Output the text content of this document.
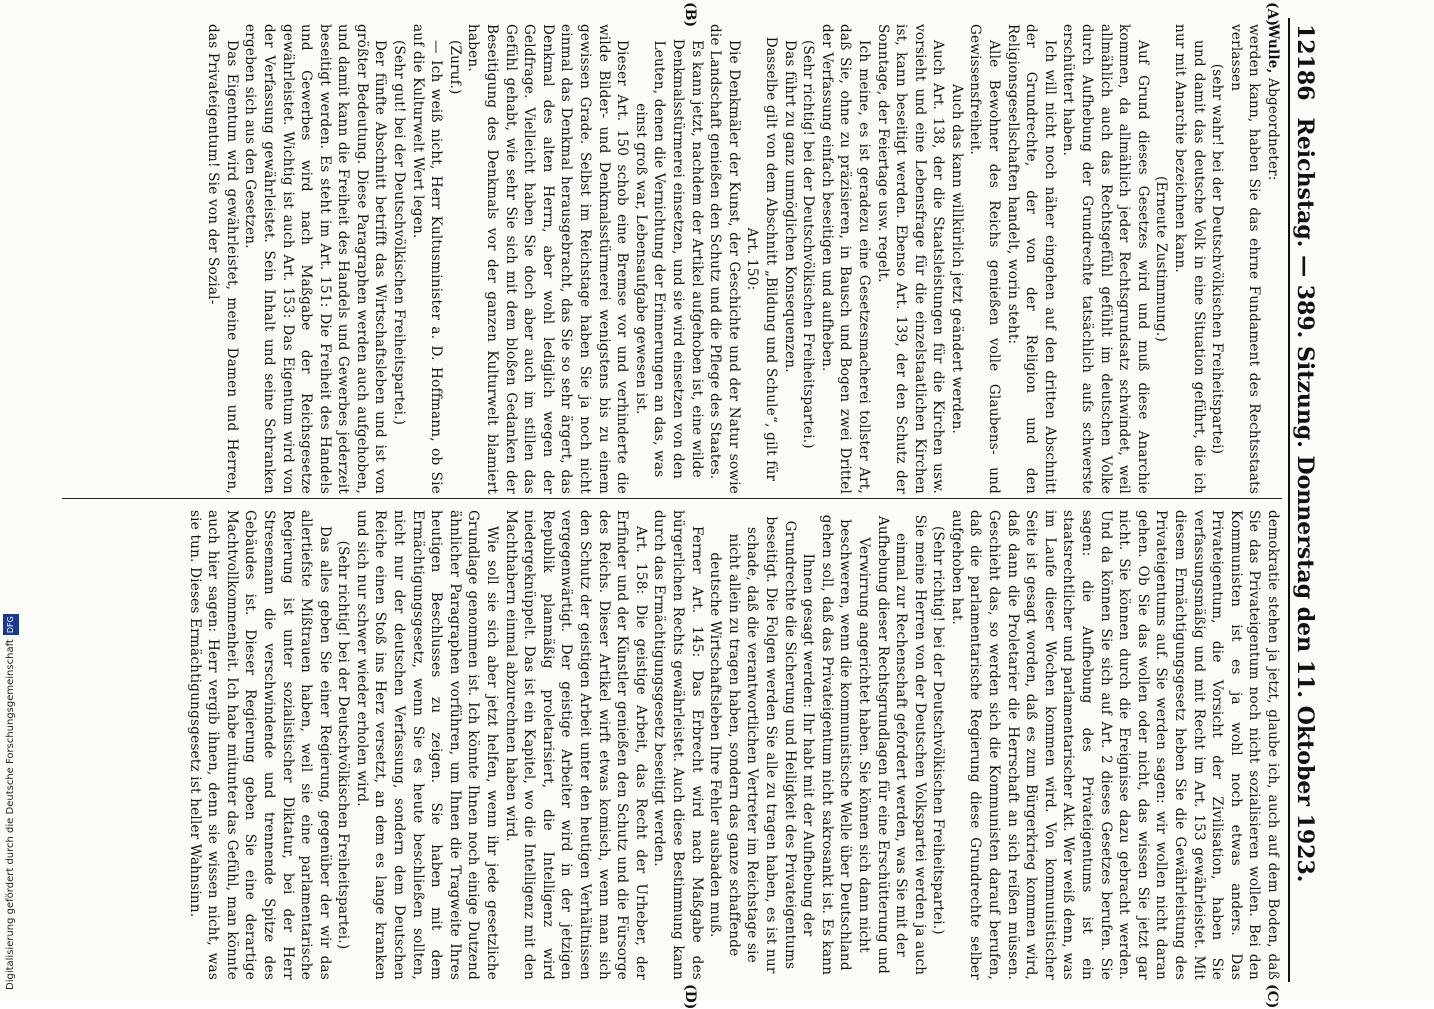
12186
Reichstag. — 389. Sitzung. Donnerstag den 11. Oktober 1923.
(A)
(B)
(C)
(D)

Wulle, Abgeordneter:

werden kann, haben Sie das ehrne Fundament des Rechtsstaats verlassen

(sehr wahr! bei der Deutschvölkischen Freiheitspartei)

und damit das deutsche Volk in eine Situation geführt, die ich nur mit Anarchie bezeichnen kann.

(Erneute Zustimmung.)

Auf Grund dieses Gesetzes wird und muß diese Anarchie kommen, da allmählich jeder Rechtsgrundsatz schwindet, weil allmählich auch das Rechtsgefühl gefühlt im deutschen Volke durch Aufhebung der Grundrechte tatsächlich aufs schwerste erschüttert haben.

Ich will nicht noch näher eingehen auf den dritten Abschnitt der Grundrechte, der von der Religion und den Religionsgesellschaften handelt, worin steht:

Alle Bewohner des Reichs genießen volle Glaubens- und Gewissensfreiheit.

Auch das kann willkürlich jetzt geändert werden.

Auch Art. 138, der die Staatsleistungen für die Kirchen usw. vorsieht und eine Lebensfrage für die einzelstaatlichen Kirchen ist, kann beseitigt werden. Ebenso Art. 139, der den Schutz der Sonntage, der Feiertage usw. regelt.

Ich meine, es ist geradezu eine Gesetzesmacherei tollster Art, daß Sie, ohne zu präzisieren, in Bausch und Bogen zwei Drittel der Verfassung einfach beseitigen und aufheben.

(Sehr richtig! bei der Deutschvölkischen Freiheitspartei.)

Das führt zu ganz unmöglichen Konsequenzen.

Dasselbe gilt von dem Abschnitt „Bildung und Schule“, gilt für Art. 150:

Die Denkmäler der Kunst, der Geschichte und der Natur sowie die Landschaft genießen den Schutz und die Pflege des Staates.

Es kann jetzt, nachdem der Artikel aufgehoben ist, eine wilde Denkmalsstürmerei einsetzen, und sie wird einsetzen von den Leuten, denen die Vernichtung der Erinnerungen an das, was einst groß war, Lebensaufgabe gewesen ist.

Dieser Art. 150 schob eine Bremse vor und verhinderte die wilde Bilder- und Denkmalsstürmerei wenigstens bis zu einem gewissen Grade. Selbst im Reichstage haben Sie ja noch nicht einmal das Denkmal herausgebracht, das Sie so sehr ärgert, das Denkmal des alten Herrn, aber wohl lediglich wegen der Geldfrage. Vielleicht haben Sie doch aber auch im stillen das Gefühl gehabt, wie sehr Sie sich mit dem bloßen Gedanken der Beseitigung des Denkmals vor der ganzen Kulturwelt blamiert haben.

(Zuruf.)

— Ich weiß nicht, Herr Kultusminister a. D. Hoffmann, ob Sie auf die Kulturwelt Wert legen.

(Sehr gut! bei der Deutschvölkischen Freiheitspartei.)

Der fünfte Abschnitt betrifft das Wirtschaftsleben und ist von größter Bedeutung. Diese Paragraphen werden auch aufgehoben, und damit kann die Freiheit des Handels und Gewerbes jederzeit beseitigt werden. Es steht im Art. 151: Die Freiheit des Handels und Gewerbes wird nach Maßgabe der Reichsgesetze gewährleistet. Wichtig ist auch Art. 153: Das Eigentum wird von der Verfassung gewährleistet. Sein Inhalt und seine Schranken ergeben sich aus den Gesetzen.

Das Eigentum wird gewährleistet, meine Damen und Herren, das Privateigentum! Sie von der Sozial-

demokratie stehen ja jetzt, glaube ich, auch auf dem Boden, daß Sie das Privateigentum noch nicht sozialisieren wollen. Bei den Kommunisten ist es ja wohl noch etwas anders. Das Privateigentum, die Vorsicht der Zivilisation, haben Sie verfassungsmäßig und mit Recht im Art. 153 gewährleistet. Mit diesem Ermächtigungsgesetz heben Sie die Gewährleistung des Privateigentums auf. Sie werden sagen: wir wollen nicht daran gehen. Ob Sie das wollen oder nicht, das wissen Sie jetzt gar nicht. Sie können durch die Ereignisse dazu gebracht werden. Und da können Sie sich auf Art. 2 dieses Gesetzes berufen. Sie sagen: die Aufhebung des Privateigentums ist ein staatsrechtlicher und parlamentarischer Akt. Wer weiß denn, was im Laufe dieser Wochen kommen wird. Von kommunistischer Seite ist gesagt worden, daß es zum Bürgerkrieg kommen wird, daß dann die Proletarier die Herrschaft an sich reißen müssen. Geschieht das, so werden sich die Kommunisten darauf berufen, daß die parlamentarische Regierung diese Grundrechte selber aufgehoben hat.

(Sehr richtig! bei der Deutschvölkischen Freiheitspartei.)

Sie meine Herren von der Deutschen Volkspartei werden ja auch einmal zur Rechenschaft gefordert werden, was Sie mit der Aufhebung dieser Rechtsgrundlagen für eine Erschütterung und Verwirrung angerichtet haben. Sie können sich dann nicht beschweren, wenn die kommunistische Welle über Deutschland gehen soll, daß das Privateigentum nicht sakrosankt ist. Es kann Ihnen gesagt werden: Ihr habt mit der Aufhebung der Grundrechte die Sicherung und Heiligkeit des Privateigentums beseitigt. Die Folgen werden Sie alle zu tragen haben, es ist nur schade, daß die verantwortlichen Vertreter im Reichstage sie nicht allein zu tragen haben, sondern das ganze schaffende deutsche Wirtschaftsleben Ihre Fehler ausbaden muß.

Ferner Art. 145: Das Erbrecht wird nach Maßgabe des bürgerlichen Rechts gewährleistet. Auch diese Bestimmung kann durch das Ermächtigungsgesetz beseitigt werden.

Art. 158: Die geistige Arbeit, das Recht der Urheber, der Erfinder und der Künstler genießen den Schutz und die Fürsorge des Reichs. Dieser Artikel wirft etwas komisch, wenn man sich den Schutz der geistigen Arbeit unter den heutigen Verhältnissen vergegenwärtigt. Der geistige Arbeiter wird in der jetzigen Republik planmäßig proletarisiert, die Intelligenz wird niedergeknüppelt. Das ist ein Kapitel, wo die Intelligenz mit den Machthabern einmal abzurechnen haben wird.

Wie soll sie sich aber jetzt helfen, wenn ihr jede gesetzliche Grundlage genommen ist. Ich könnte Ihnen noch einige Dutzend ähnlicher Paragraphen vorführen, um Ihnen die Tragweite Ihres heutigen Beschlusses zu zeigen. Sie haben mit dem Ermächtigungsgesetz, wenn Sie es heute beschließen sollten, nicht nur der deutschen Verfassung, sondern dem Deutschen Reiche einen Stoß ins Herz versetzt, an dem es lange kranken und sich nur schwer wieder erholen wird.

(Sehr richtig! bei der Deutschvölkischen Freiheitspartei.)

Das alles geben Sie einer Regierung, gegenüber der wir das allertiefste Mißtrauen haben, weil sie eine parlamentarische Regierung ist unter sozialistischer Diktatur, bei der Herr Stresemann die verschwindende und trennende Spitze des Gebäudes ist. Dieser Regierung geben Sie eine derartige Machtvollkommenheit. Ich habe mitunter das Gefühl, man könnte auch hier sagen: Herr vergib ihnen, denn sie wissen nicht, was sie tun. Dieses Ermächtigungsgesetz ist heller Wahnsinn.

Digitalisierung gefördert durch die Deutsche ForschungsgemeinschaftDFG
